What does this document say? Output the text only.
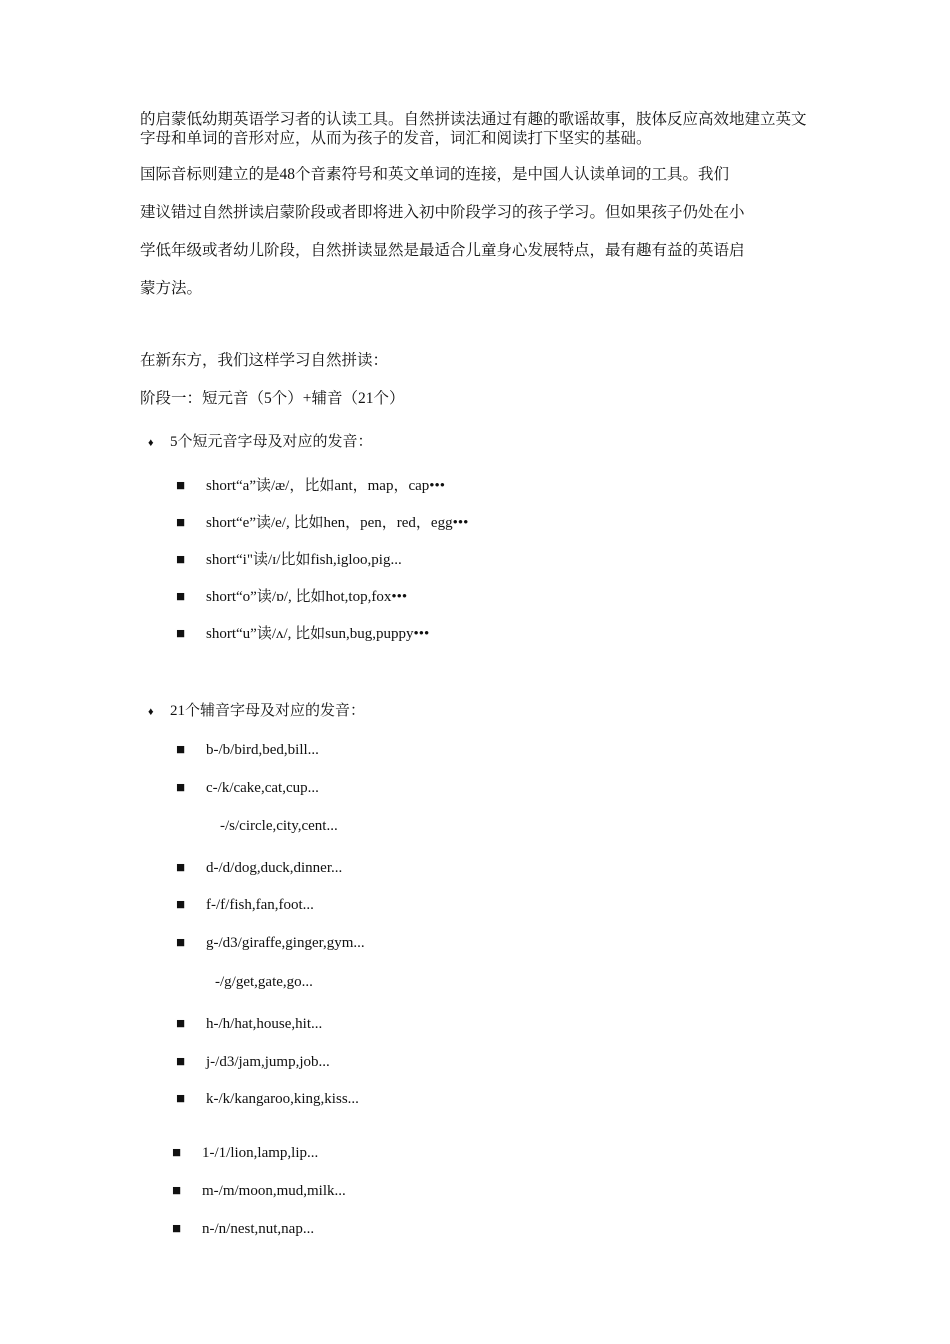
的启蒙低幼期英语学习者的认读工具。自然拼读法通过有趣的歌谣故事，肢体反应高效地建立英文字母和单词的音形对应，从而为孩子的发音，词汇和阅读打下坚实的基础。
国际音标则建立的是48个音素符号和英文单词的连接，是中国人认读单词的工具。我们
建议错过自然拼读启蒙阶段或者即将进入初中阶段学习的孩子学习。但如果孩子仍处在小
学低年级或者幼儿阶段，自然拼读显然是最适合儿童身心发展特点，最有趣有益的英语启
蒙方法。
在新东方，我们这样学习自然拼读：
阶段一：短元音（5个）+辅音（21个）
♦ 5个短元音字母及对应的发音：
■ short“a”读/æ/，比如ant，map，cap•••
■ short“e”读/e/, 比如hen，pen，red，egg•••
■ short“i"读/ɪ/比如fish,igloo,pig...
■ short“o”读/ɒ/, 比如hot,top,fox•••
■ short“u”读/ʌ/, 比如sun,bug,puppy•••
♦ 21个辅音字母及对应的发音：
■ b-/b/bird,bed,bill...
■ c-/k/cake,cat,cup...
-/s/circle,city,cent...
■ d-/d/dog,duck,dinner...
■ f-/f/fish,fan,foot...
■ g-/d3/giraffe,ginger,gym...
-/g/get,gate,go...
■ h-/h/hat,house,hit...
■ j-/d3/jam,jump,job...
■ k-/k/kangaroo,king,kiss...
■ 1-/1/lion,lamp,lip...
■ m-/m/moon,mud,milk...
■ n-/n/nest,nut,nap...
